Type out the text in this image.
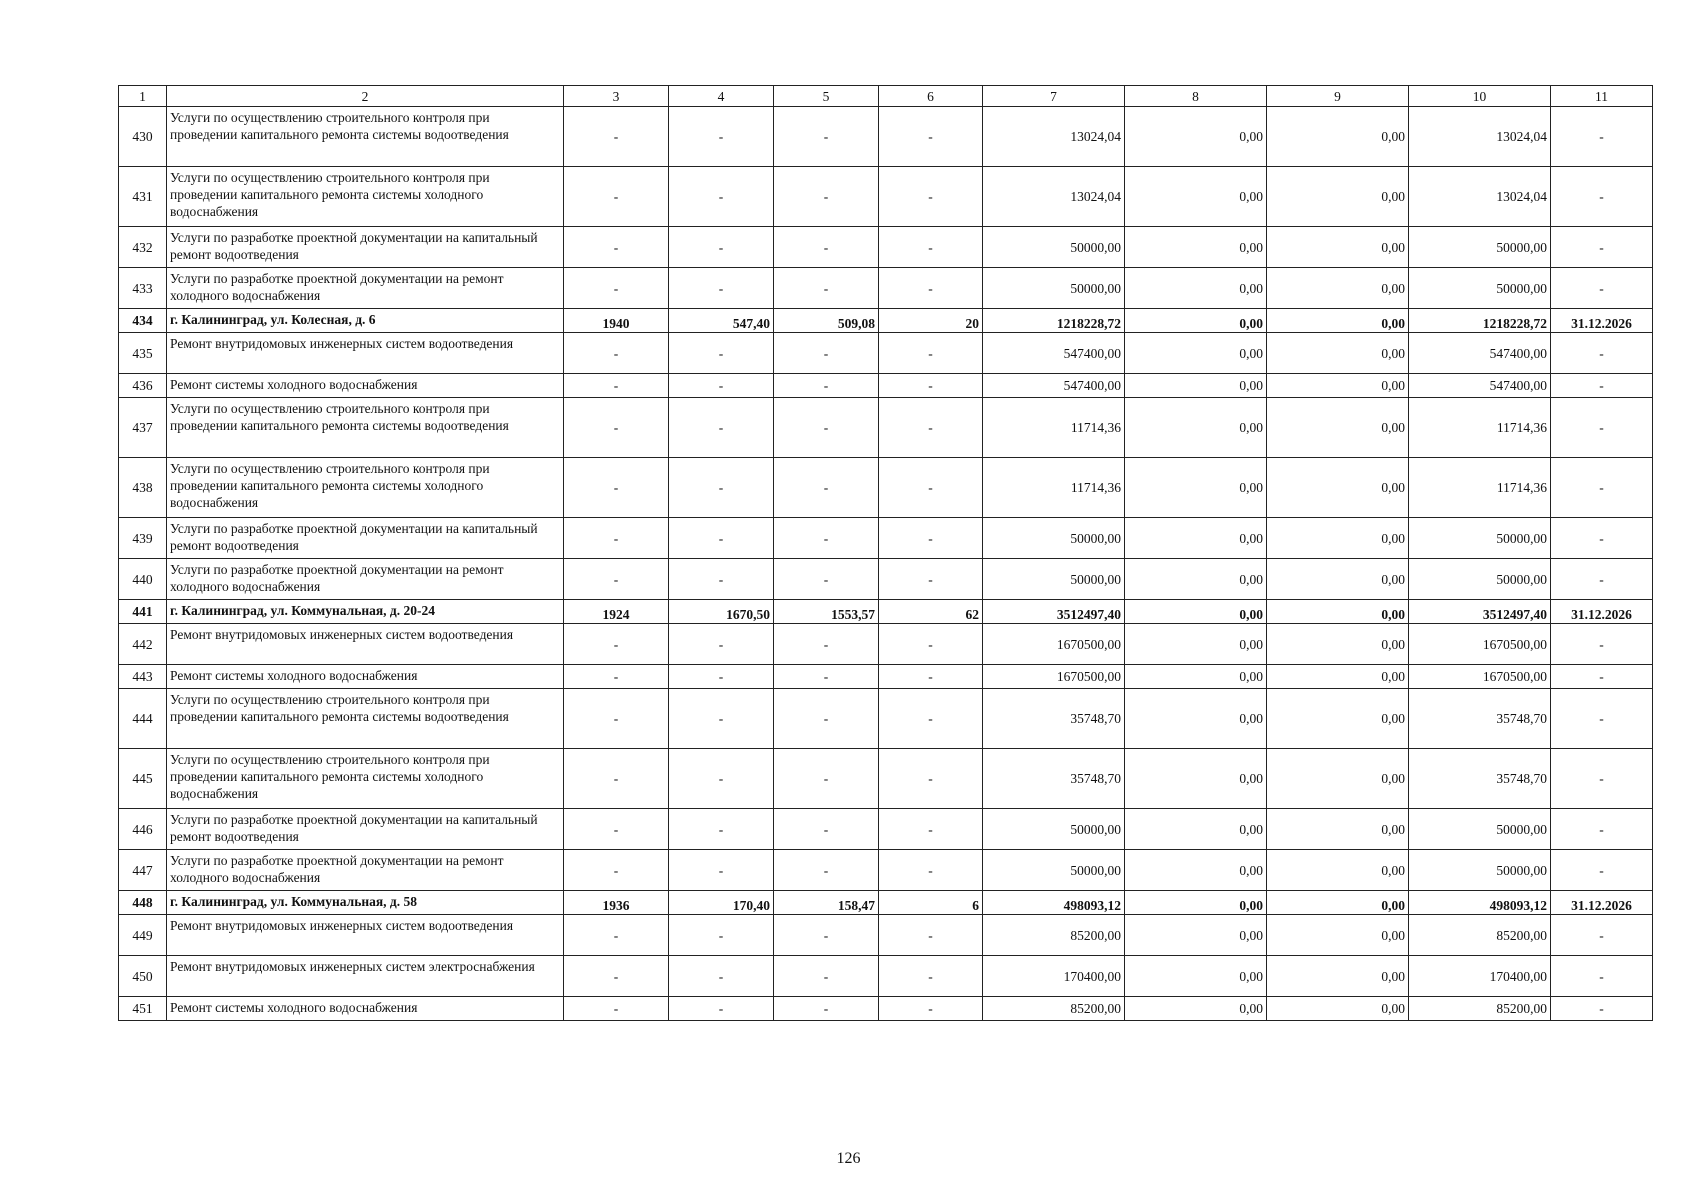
1	2	3	4	5	6	7	8	9	10	11
430	Услуги по осуществлению строительного контроля при проведении капитального ремонта системы водоотведения	-	-	-	-	13024,04	0,00	0,00	13024,04	-
431	Услуги по осуществлению строительного контроля при проведении капитального ремонта системы холодного водоснабжения	-	-	-	-	13024,04	0,00	0,00	13024,04	-
432	Услуги по разработке проектной документации на капитальный ремонт водоотведения	-	-	-	-	50000,00	0,00	0,00	50000,00	-
433	Услуги по разработке проектной документации на ремонт холодного водоснабжения	-	-	-	-	50000,00	0,00	0,00	50000,00	-
434	г. Калининград, ул. Колесная, д. 6	1940	547,40	509,08	20	1218228,72	0,00	0,00	1218228,72	31.12.2026
435	Ремонт внутридомовых инженерных систем водоотведения	-	-	-	-	547400,00	0,00	0,00	547400,00	-
436	Ремонт системы холодного водоснабжения	-	-	-	-	547400,00	0,00	0,00	547400,00	-
437	Услуги по осуществлению строительного контроля при проведении капитального ремонта системы водоотведения	-	-	-	-	11714,36	0,00	0,00	11714,36	-
438	Услуги по осуществлению строительного контроля при проведении капитального ремонта системы холодного водоснабжения	-	-	-	-	11714,36	0,00	0,00	11714,36	-
439	Услуги по разработке проектной документации на капитальный ремонт водоотведения	-	-	-	-	50000,00	0,00	0,00	50000,00	-
440	Услуги по разработке проектной документации на ремонт холодного водоснабжения	-	-	-	-	50000,00	0,00	0,00	50000,00	-
441	г. Калининград, ул. Коммунальная, д. 20-24	1924	1670,50	1553,57	62	3512497,40	0,00	0,00	3512497,40	31.12.2026
442	Ремонт внутридомовых инженерных систем водоотведения	-	-	-	-	1670500,00	0,00	0,00	1670500,00	-
443	Ремонт системы холодного водоснабжения	-	-	-	-	1670500,00	0,00	0,00	1670500,00	-
444	Услуги по осуществлению строительного контроля при проведении капитального ремонта системы водоотведения	-	-	-	-	35748,70	0,00	0,00	35748,70	-
445	Услуги по осуществлению строительного контроля при проведении капитального ремонта системы холодного водоснабжения	-	-	-	-	35748,70	0,00	0,00	35748,70	-
446	Услуги по разработке проектной документации на капитальный ремонт водоотведения	-	-	-	-	50000,00	0,00	0,00	50000,00	-
447	Услуги по разработке проектной документации на ремонт холодного водоснабжения	-	-	-	-	50000,00	0,00	0,00	50000,00	-
448	г. Калининград, ул. Коммунальная, д. 58	1936	170,40	158,47	6	498093,12	0,00	0,00	498093,12	31.12.2026
449	Ремонт внутридомовых инженерных систем водоотведения	-	-	-	-	85200,00	0,00	0,00	85200,00	-
450	Ремонт внутридомовых инженерных систем электроснабжения	-	-	-	-	170400,00	0,00	0,00	170400,00	-
451	Ремонт системы холодного водоснабжения	-	-	-	-	85200,00	0,00	0,00	85200,00	-
126
